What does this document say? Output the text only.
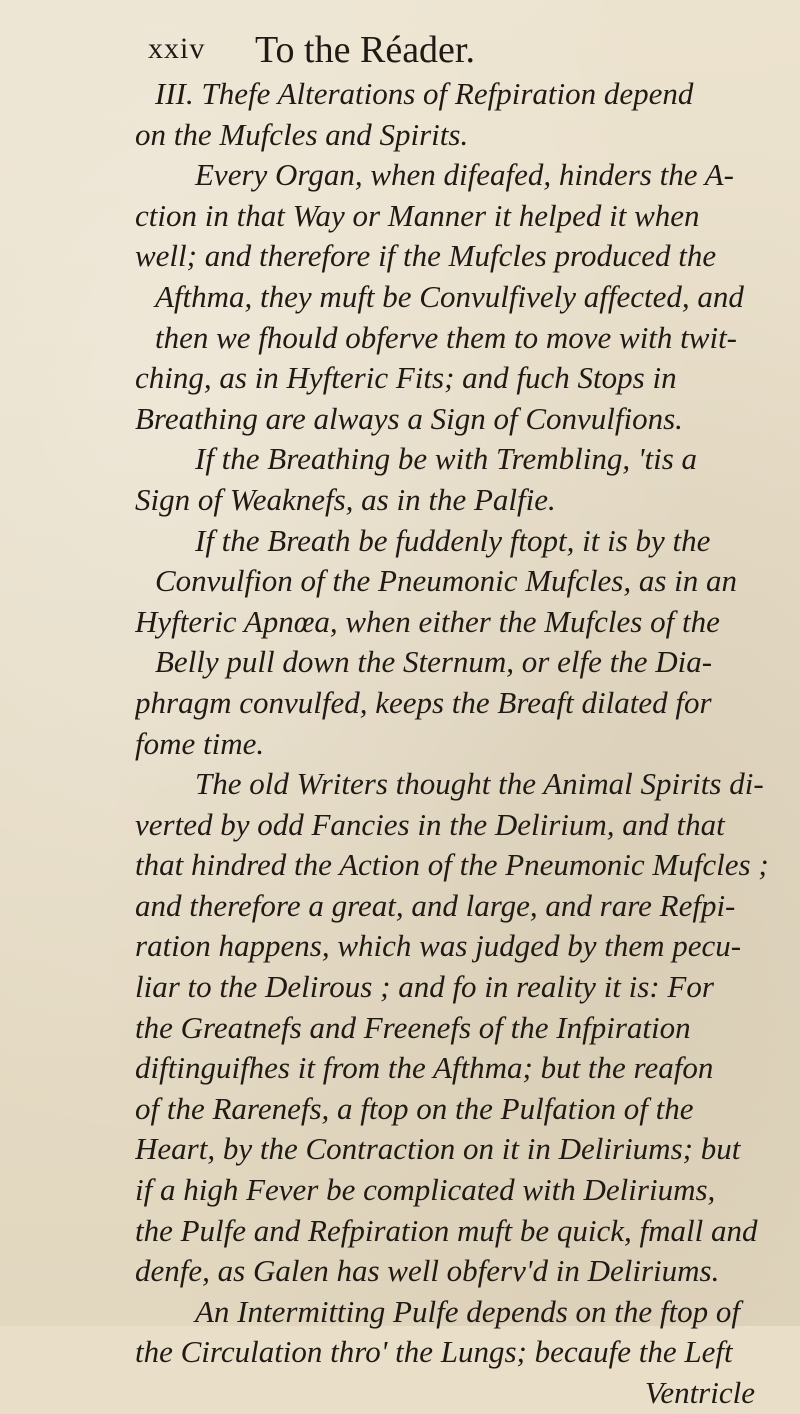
xxiv To the Réader.
III. Thefe Alterations of Refpiration depend
on the Mufcles and Spirits.
Every Organ, when difeafed, hinders the A-
ction in that Way or Manner it helped it when
well; and therefore if the Mufcles produced the
Afthma, they muft be Convulfively affected, and
then we fhould obferve them to move with twit-
ching, as in Hyfteric Fits; and fuch Stops in
Breathing are always a Sign of Convulfions.
If the Breathing be with Trembling, 'tis a
Sign of Weaknefs, as in the Palfie.
If the Breath be fuddenly ftopt, it is by the
Convulfion of the Pneumonic Mufcles, as in an
Hyfteric Apnœa, when either the Mufcles of the
Belly pull down the Sternum, or elfe the Dia-
phragm convulfed, keeps the Breaft dilated for
fome time.
The old Writers thought the Animal Spirits di-
verted by odd Fancies in the Delirium, and that
that hindred the Action of the Pneumonic Mufcles ;
and therefore a great, and large, and rare Refpi-
ration happens, which was judged by them pecu-
liar to the Delirous ; and fo in reality it is: For
the Greatnefs and Freenefs of the Infpiration
diftinguifhes it from the Afthma; but the reafon
of the Rarenefs, a ftop on the Pulfation of the
Heart, by the Contraction on it in Deliriums; but
if a high Fever be complicated with Deliriums,
the Pulfe and Refpiration muft be quick, fmall and
denfe, as Galen has well obferv'd in Deliriums.
An Intermitting Pulfe depends on the ftop of
the Circulation thro' the Lungs; becaufe the Left
Ventricle
